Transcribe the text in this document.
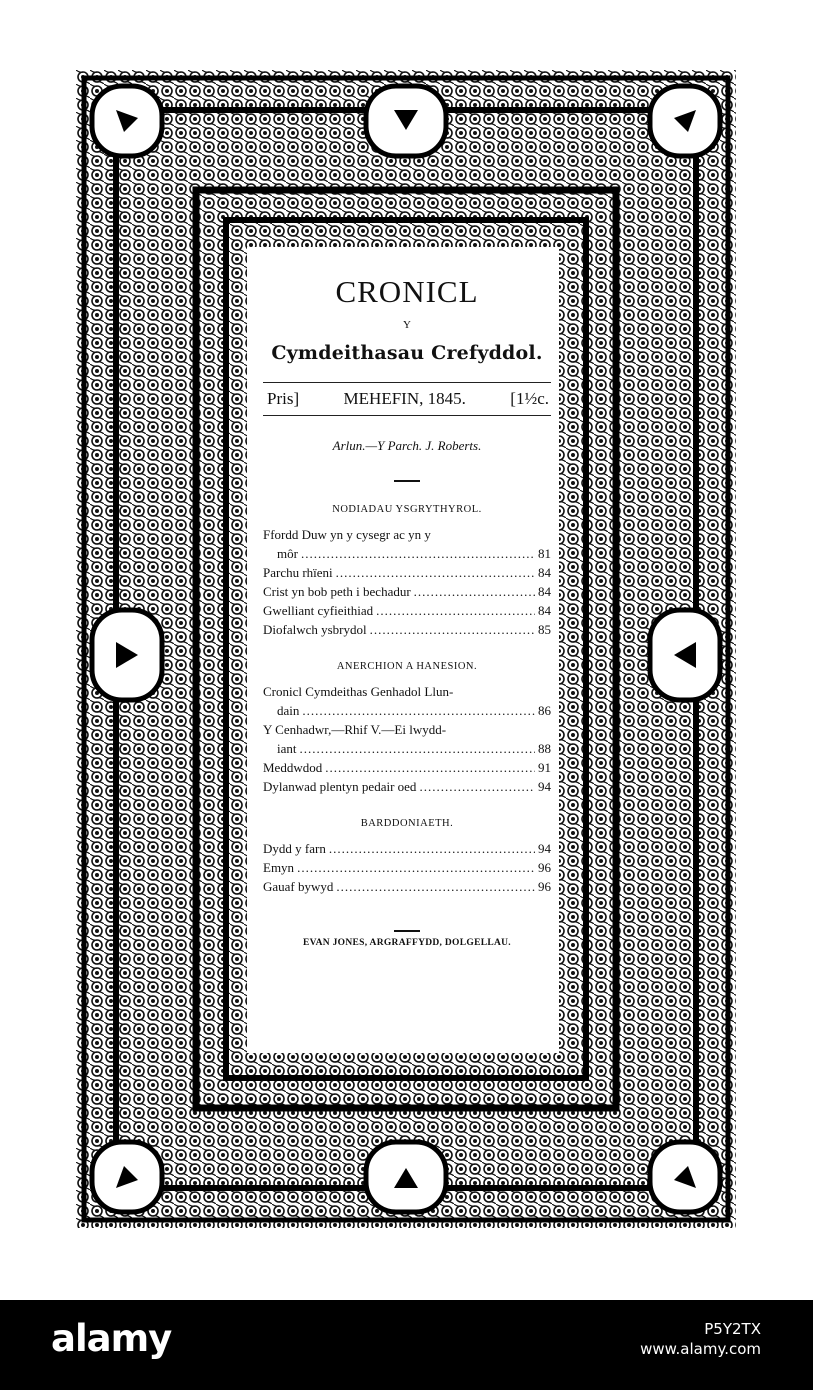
CRONICL
Y
Cymdeithasau Crefyddol.
Pris]	MEHEFIN, 1845.	[1½c.
Arlun.—Y Parch. J. Roberts.
NODIADAU YSGRYTHYROL.
Ffordd Duw yn y cysegr ac yn y
môr .....	81
Parchu rhïeni .....	84
Crist yn bob peth i bechadur .....	84
Gwelliant cyfieithiad .....	84
Diofalwch ysbrydol .....	85
ANERCHION A HANESION.
Cronicl Cymdeithas Genhadol Llun-
dain .....	86
Y Cenhadwr,—Rhif V.—Ei lwydd-
iant .....	88
Meddwdod .....	91
Dylanwad plentyn pedair oed .....	94
BARDDONIAETH.
Dydd y farn .....	94
Emyn .....	96
Gauaf bywyd .....	96
EVAN JONES, ARGRAFFYDD, DOLGELLAU.
alamy	P5Y2TX
www.alamy.com
